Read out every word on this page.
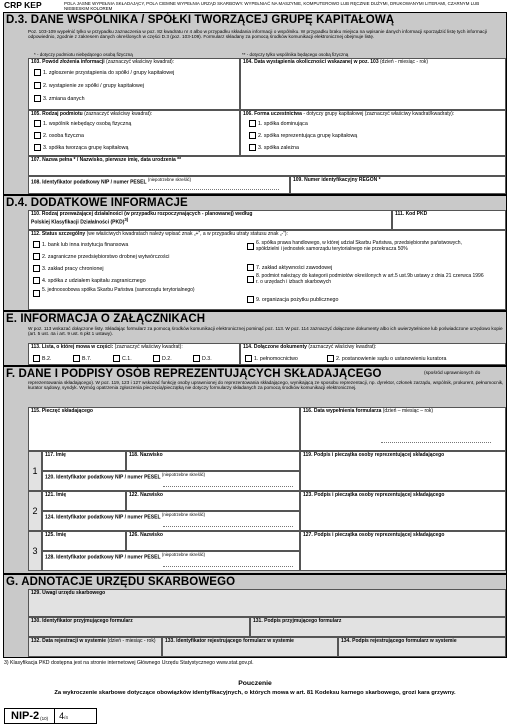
CRP KEP	POLA JASNE WYPEŁNIA SKŁADAJĄCY, POLA CIEMNE WYPEŁNIA URZĄD SKARBOWY. WYPEŁNIAĆ NA MASZYNIE, KOMPUTEROWO LUB RĘCZNIE DUŻYMI, DRUKOWANYMI LITERAMI, CZARNYM LUB NIEBIESKIM KOLOREM
D.3. DANE WSPÓLNIKA / SPÓŁKI TWORZĄCEJ GRUPĘ KAPITAŁOWĄ
Poz. 103-109 wypełnić tylko w przypadku zaznaczenia w poz. 82 kwadratu nr 4 albo w przypadku składania informacji o wspólniku. W przypadku braku miejsca na wpisanie danych informacji sporządzić listę tych informacji odpowiednio, zgodnie z zakresem danych określonych w części D.3 (poz. 103-109). Formularz składany za pomocą środków komunikacji elektronicznej obejmuje listę.
* - dotyczy podmiotu niebędącego osobą fizyczną	** - dotyczy tylko wspólnika będącego osobą fizyczną
103. Powód złożenia informacji (zaznaczyć właściwy kwadrat):
1. zgłoszenie przystąpienia do spółki / grupy kapitałowej
2. wystąpienie ze spółki / grupy kapitałowej
3. zmiana danych
104. Data wystąpienia okoliczności wskazanej w poz. 103 (dzień - miesiąc - rok)
105. Rodzaj podmiotu (zaznaczyć właściwy kwadrat):
1. wspólnik niebędący osobą fizyczną
2. osoba fizyczna
3. spółka tworząca grupę kapitałową
106. Forma uczestnictwa - dotyczy grupy kapitałowej (zaznaczyć właściwy kwadrat/kwadraty):
1. spółka dominująca
2. spółka reprezentująca grupę kapitałową
3. spółka zależna
107. Nazwa pełna * / Nazwisko, pierwsze imię, data urodzenia **
108. Identyfikator podatkowy NIP / numer PESEL $^{(niepotrzebne skreślić)}$	109. Numer identyfikacyjny REGON *
D.4. DODATKOWE INFORMACJE
110. Rodzaj przeważającej działalności (w przypadku rozpoczynających - planowanej) według Polskiej Klasyfikacji Działalności (PKD)$^{3)}$
111. Kod PKD
112. Status szczególny (we właściwych kwadratach należy wpisać znak „+”, a w przypadku utraty statusu znak „-”):
1. bank lub inna instytucja finansowa
2. zagraniczne przedsiębiorstwo drobnej wytwórczości
3. zakład pracy chronionej
4. spółka z udziałem kapitału zagranicznego
5. jednoosobowa spółka Skarbu Państwa (samorządu terytorialnego)
6. spółka prawa handlowego, w której udział Skarbu Państwa, przedsiębiorstw państwowych, spółdzielni i jednostek samorządu terytorialnego nie przekracza 50%
7. zakład aktywności zawodowej
8. podmiot należący do kategorii podmiotów określonych w art.5 ust.9b ustawy z dnia 21 czerwca 1996 r. o urzędach i izbach skarbowych
9. organizacja pożytku publicznego
E. INFORMACJA O ZAŁĄCZNIKACH
W poz. 113 wskazać dołączone listy. Składając formularz za pomocą środków komunikacji elektronicznej pominąć poz. 113. W poz. 114 zaznaczyć dołączone dokumenty albo ich uwierzytelnione lub poświadczone urzędowo kopie (art. 5 ust. 4a i art. 9 ust. 6 pkt 1 ustawy).
113. Lista, o której mowa w części: (zaznaczyć właściwy kwadrat):
B.2.	B.7.	C.1.	D.2.	D.3.
114. Dołączone dokumenty (zaznaczyć właściwy kwadrat):
1. pełnomocnictwo	2. postanowienie sądu o ustanowieniu kuratora
F. DANE I PODPISY OSÓB REPREZENTUJĄCYCH SKŁADAJĄCEGO	(spośród uprawnionych do
reprezentowania składającego). W poz. 119, 123 i 127 wskazać funkcję osoby uprawnionej do reprezentowania składającego, wynikającą ze sposobu reprezentacji, np. dyrektor, członek zarządu, wspólnik, prokurent, pełnomocnik, kurator sądowy, syndyk. Wymóg opatrzenia zgłoszenia pieczęcią/pieczątką nie dotyczy formularzy składanych za pomocą środków komunikacji elektronicznej.
115. Pieczęć składającego	116. Data wypełnienia formularza (dzień – miesiąc – rok)
1
117. Imię	118. Nazwisko	119. Podpis i pieczątka osoby reprezentującej składającego
120. Identyfikator podatkowy NIP / numer PESEL $^{(niepotrzebne skreślić)}$
2
121. Imię	122. Nazwisko	123. Podpis i pieczątka osoby reprezentującej składającego
124. Identyfikator podatkowy NIP / numer PESEL $^{(niepotrzebne skreślić)}$
3
125. Imię	126. Nazwisko	127. Podpis i pieczątka osoby reprezentującej składającego
128. Identyfikator podatkowy NIP / numer PESEL $^{(niepotrzebne skreślić)}$
G. ADNOTACJE URZĘDU SKARBOWEGO
129. Uwagi urzędu skarbowego
130. Identyfikator przyjmującego formularz	131. Podpis przyjmującego formularz
132. Data rejestracji w systemie (dzień - miesiąc - rok) 133. Identyfikator rejestrującego formularz w systemie	134. Podpis rejestrującego formularz w systemie
3) Klasyfikacja PKD dostępna jest na stronie internetowej Głównego Urzędu Statystycznego www.stat.gov.pl.
Pouczenie
Za wykroczenie skarbowe dotyczące obowiązków identyfikacyjnych, o których mowa w art. 81 Kodeksu karnego skarbowego, grozi kara grzywny.
NIP-2 (10) 4 /4
